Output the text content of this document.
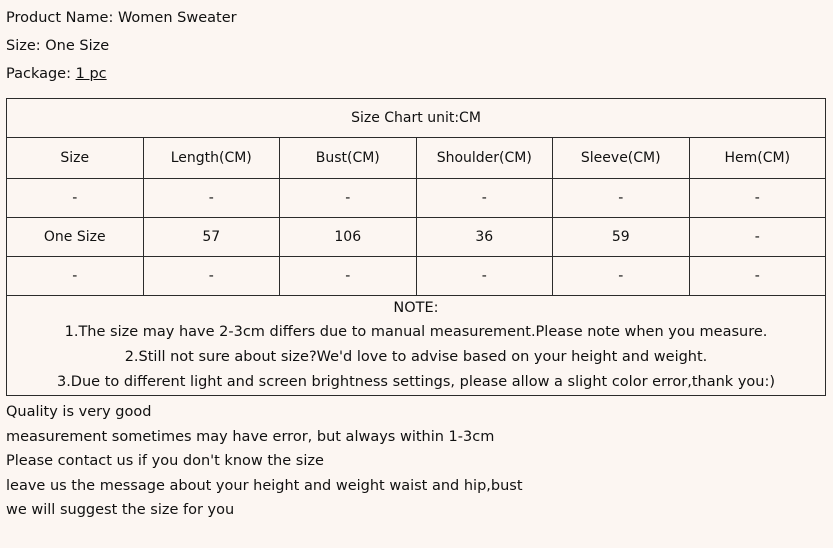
Product Name: Women Sweater
Size: One Size
Package: 1 pc
Size Chart unit:CM					
Size	Length(CM)	Bust(CM)	Shoulder(CM)	Sleeve(CM)	Hem(CM)
-	-	-	-	-	-
One Size	57	106	36	59	-
-	-	-	-	-	-

NOTE:
1.The size may have 2-3cm differs due to manual measurement.Please note when you measure.
2.Still not sure about size?We'd love to advise based on your height and weight.
3.Due to different light and screen brightness settings, please allow a slight color error,thank you:)					
Quality is very good
measurement sometimes may have error, but always within 1-3cm
Please contact us if you don't know the size
leave us the message about your height and weight waist and hip,bust
we will suggest the size for you
